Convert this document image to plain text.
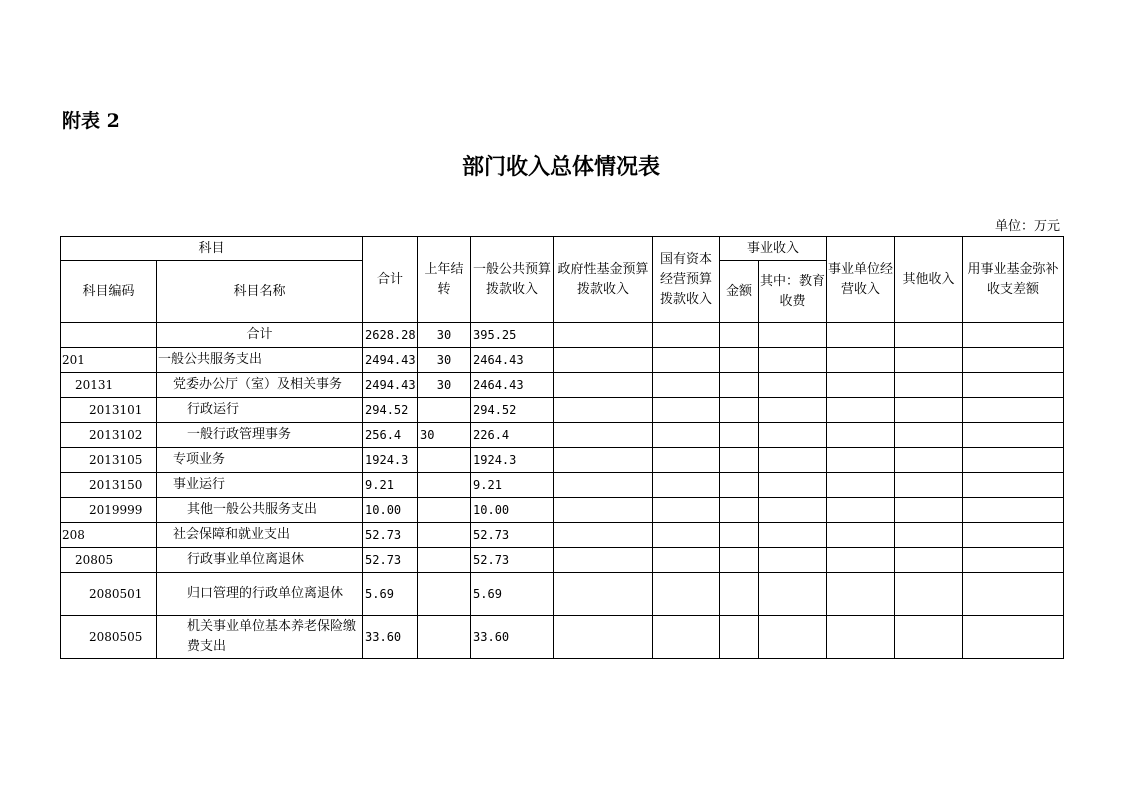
附表 2
部门收入总体情况表
单位：万元
科目		合计	上年结转	一般公共预算拨款收入	政府性基金预算拨款收入	国有资本经营预算拨款收入	事业收入		事业单位经营收入	其他收入	用事业基金弥补收支差额
科目编码	科目名称						金额	其中：教育收费			
	合计	2628.28	30	395.25							
201	一般公共服务支出	2494.43	30	2464.43							
20131	党委办公厅（室）及相关事务	2494.43	30	2464.43							
2013101	行政运行	294.52		294.52							
2013102	一般行政管理事务	256.4	30	226.4							
2013105	专项业务	1924.3		1924.3							
2013150	事业运行	9.21		9.21							
2019999	其他一般公共服务支出	10.00		10.00							
208	社会保障和就业支出	52.73		52.73							
20805	行政事业单位离退休	52.73		52.73							
2080501	归口管理的行政单位离退休	5.69		5.69							
2080505	机关事业单位基本养老保险缴费支出	33.60		33.60							
